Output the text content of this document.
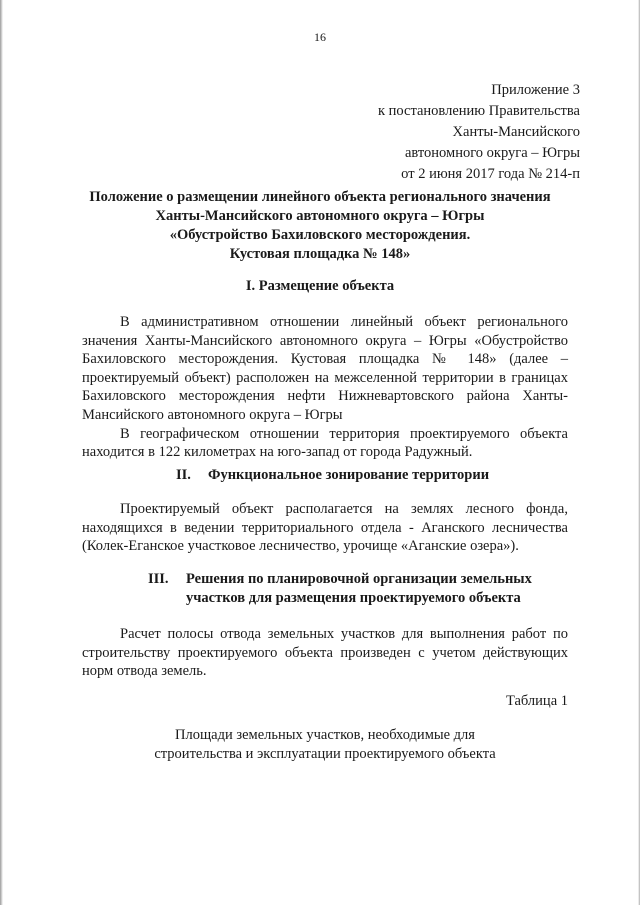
16
Приложение 3
к постановлению Правительства
Ханты-Мансийского
автономного округа – Югры
от 2 июня 2017 года № 214-п
Положение о размещении линейного объекта регионального значения
Ханты-Мансийского автономного округа – Югры
«Обустройство Бахиловского месторождения.
Кустовая площадка № 148»
I. Размещение объекта

В административном отношении линейный объект регионального значения Ханты-Мансийского автономного округа – Югры «Обустройство Бахиловского месторождения. Кустовая площадка № 148» (далее – проектируемый объект) расположен на межселенной территории в границах Бахиловского месторождения нефти Нижневартовского района Ханты-Мансийского автономного округа – Югры

В географическом отношении территория проектируемого объекта находится в 122 километрах на юго-запад от города Радужный.

II. Функциональное зонирование территории

Проектируемый объект располагается на землях лесного фонда, находящихся в ведении территориального отдела - Аганского лесничества (Колек-Еганское участковое лесничество, урочище «Аганские озера»).

III. Решения по планировочной организации земельных
участков для размещения проектируемого объекта

Расчет полосы отвода земельных участков для выполнения работ по строительству проектируемого объекта произведен с учетом действующих норм отвода земель.

Таблица 1
Площади земельных участков, необходимые для
строительства и эксплуатации проектируемого объекта
